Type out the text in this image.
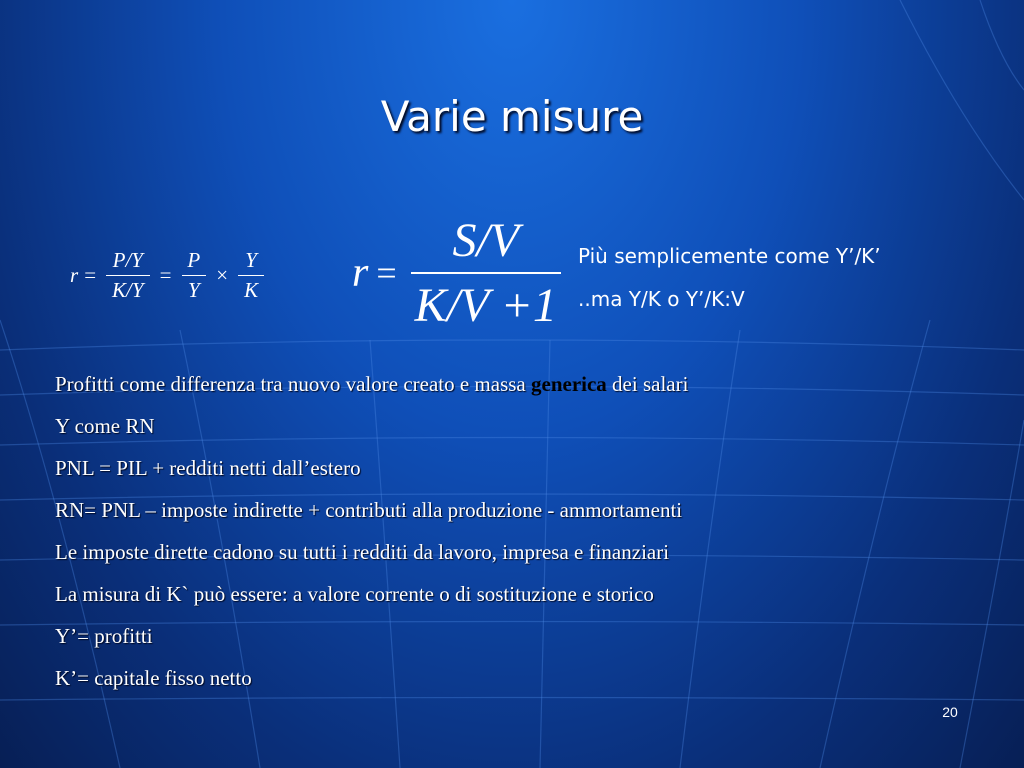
Varie misure
$r = \frac{P/Y}{K/Y} = \frac{P}{Y} \times \frac{Y}{K}$ $r = \frac{S/V}{K/V +1}$ Più semplicemente come Y’/K’
..ma Y/K o Y’/K:V
Profitti come differenza tra nuovo valore creato e massa generica dei salari
Y come RN
PNL = PIL + redditi netti dall’estero
RN= PNL – imposte indirette + contributi alla produzione - ammortamenti
Le imposte dirette cadono su tutti i redditi da lavoro, impresa e finanziari
La misura di K` può essere: a valore corrente o di sostituzione e storico
Y’= profitti
K’= capitale fisso netto
20
